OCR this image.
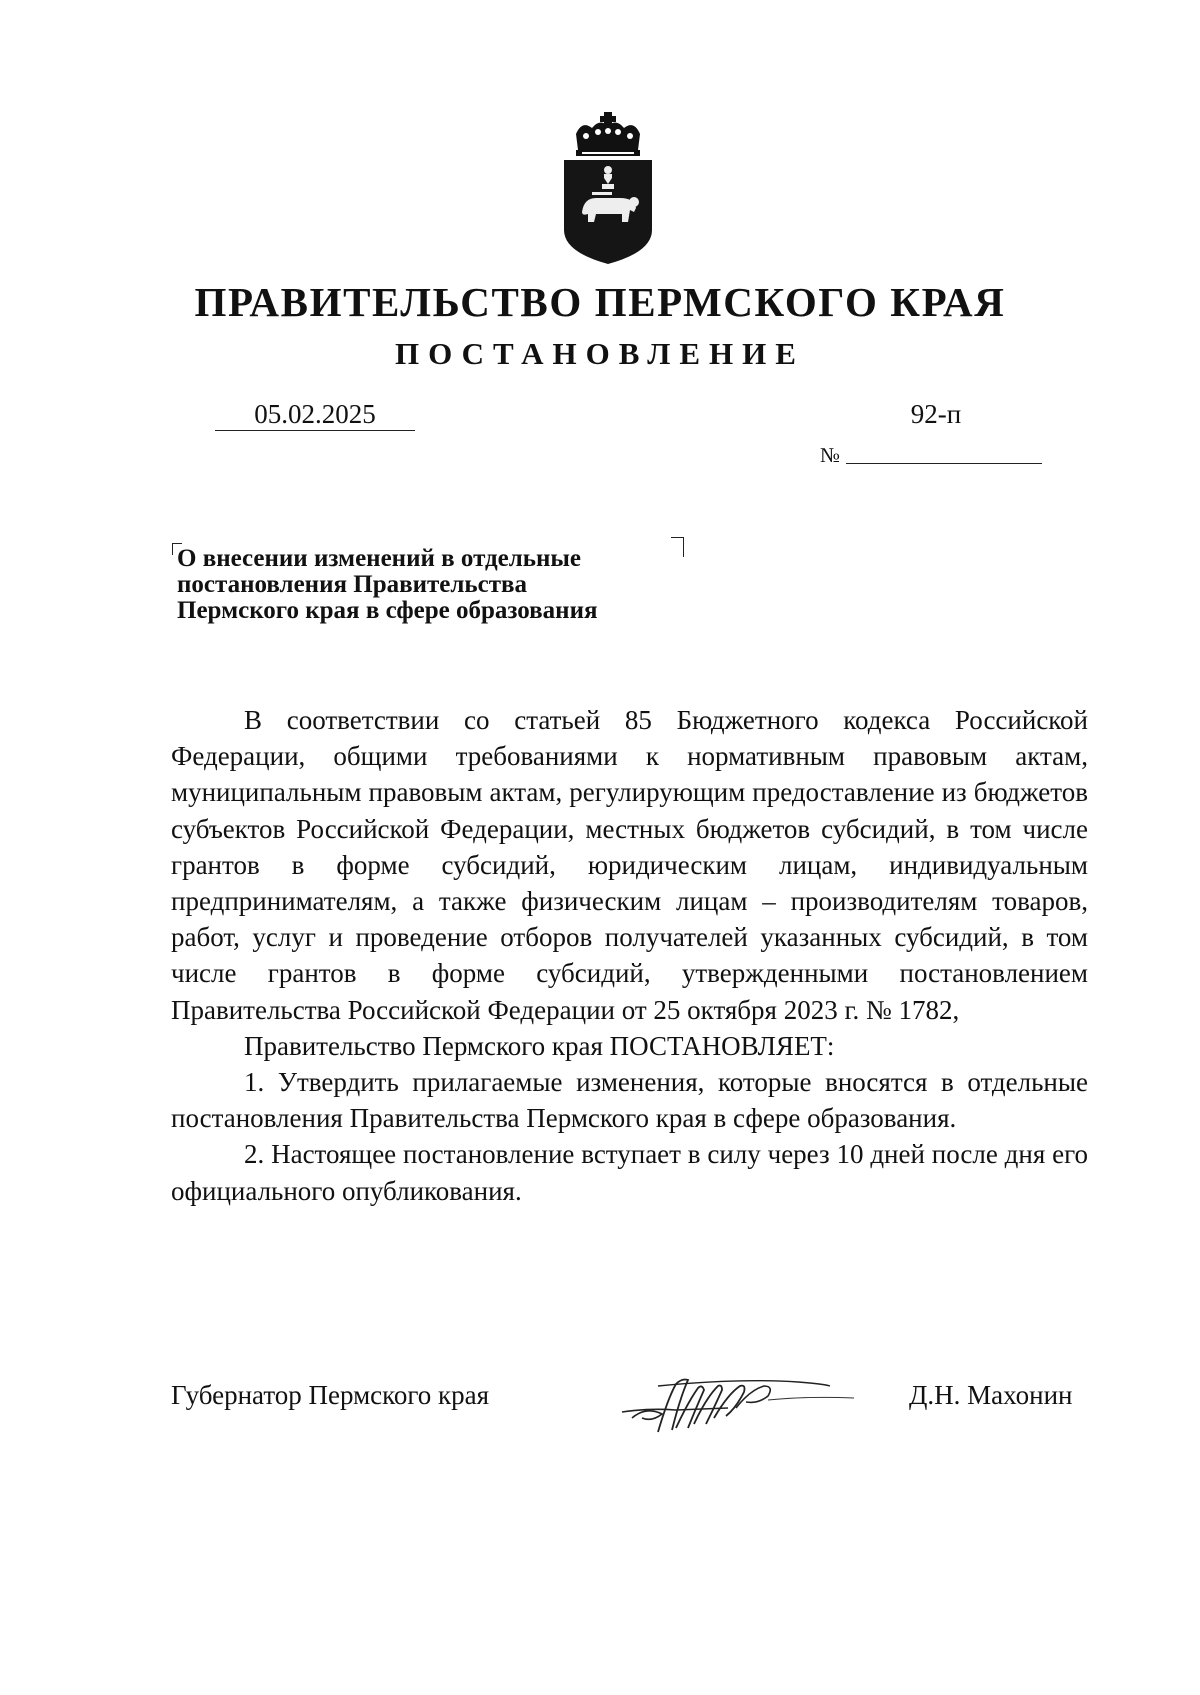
ПРАВИТЕЛЬСТВО ПЕРМСКОГО КРАЯ
ПОСТАНОВЛЕНИЕ
05.02.2025
№
92-п
О внесении изменений в отдельные
постановления Правительства
Пермского края в сфере образования

В соответствии со статьей 85 Бюджетного кодекса Российской Федерации, общими требованиями к нормативным правовым актам, муниципальным правовым актам, регулирующим предоставление из бюджетов субъектов Российской Федерации, местных бюджетов субсидий, в том числе грантов в форме субсидий, юридическим лицам, индивидуальным предпринимателям, а также физическим лицам – производителям товаров, работ, услуг и проведение отборов получателей указанных субсидий, в том числе грантов в форме субсидий, утвержденными постановлением Правительства Российской Федерации от 25 октября 2023 г. № 1782,

Правительство Пермского края ПОСТАНОВЛЯЕТ:

1. Утвердить прилагаемые изменения, которые вносятся в отдельные постановления Правительства Пермского края в сфере образования.

2. Настоящее постановление вступает в силу через 10 дней после дня его официального опубликования.

Губернатор Пермского края	Д.Н. Махонин
